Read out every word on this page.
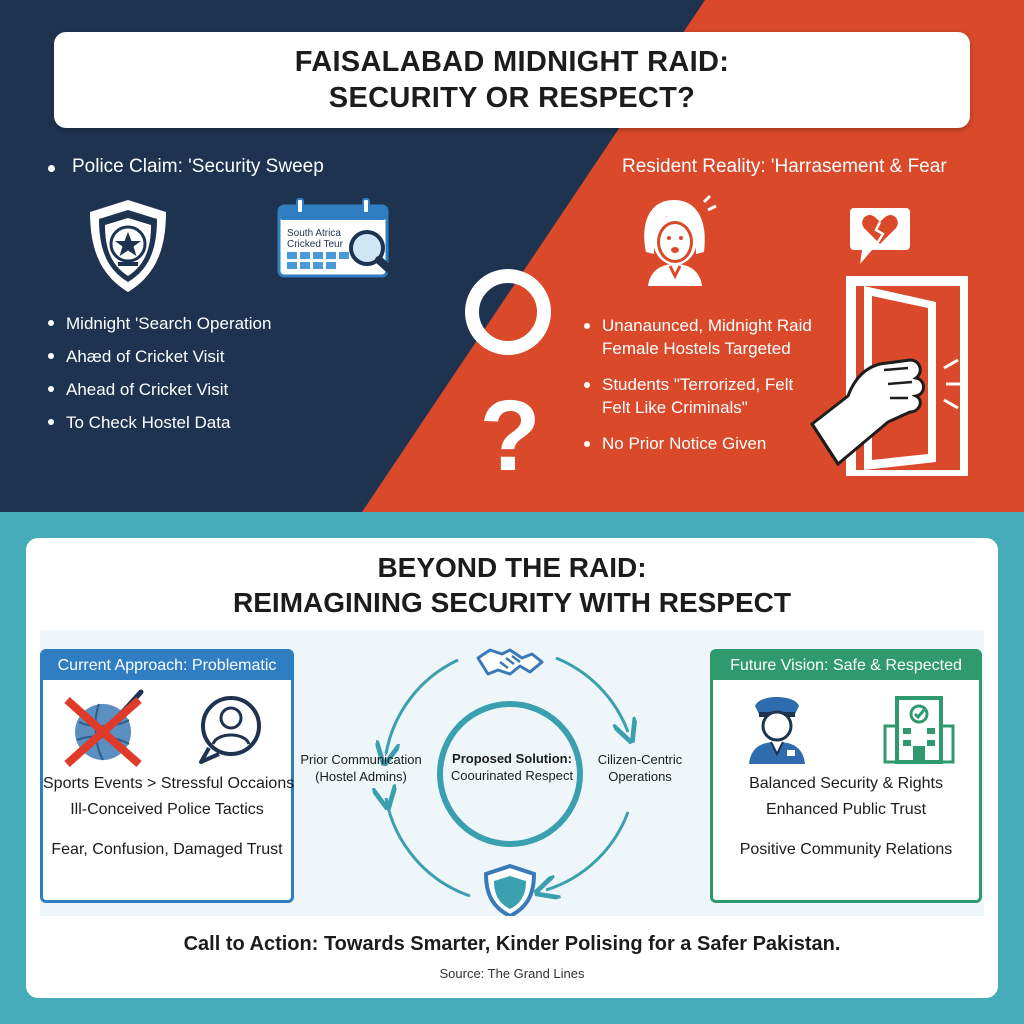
FAISALABAD MIDNIGHT RAID:
SECURITY OR RESPECT?
Police Claim: 'Security Sweep
South Atrica
Cricked Teur
Midnight 'Search Operation
Ahæd of Cricket Visit
Ahead of Cricket Visit
To Check Hostel Data	?
Resident Reality: 'Harrasement & Fear
Unanaunced, Midnight Raid
Female Hostels Targeted
Students "Terrorized, Felt
Felt Like Criminals"
No Prior Notice Given
BEYOND THE RAID:
REIMAGINING SECURITY WITH RESPECT
Current Approach: Problematic
Sports Events > Stressful Occaions
Ill-Conceived Police Tactics
Fear, Confusion, Damaged Trust
Future Vision: Safe & Respected
Balanced Security & Rights
Enhanced Public Trust
Positive Community Relations
Proposed Solution:
Coourinated Respect
Prior Communication
(Hostel Admins)
Cilizen-Centric
Operations
Call to Action: Towards Smarter, Kinder Polising for a Safer Pakistan.
Source: The Grand Lines
